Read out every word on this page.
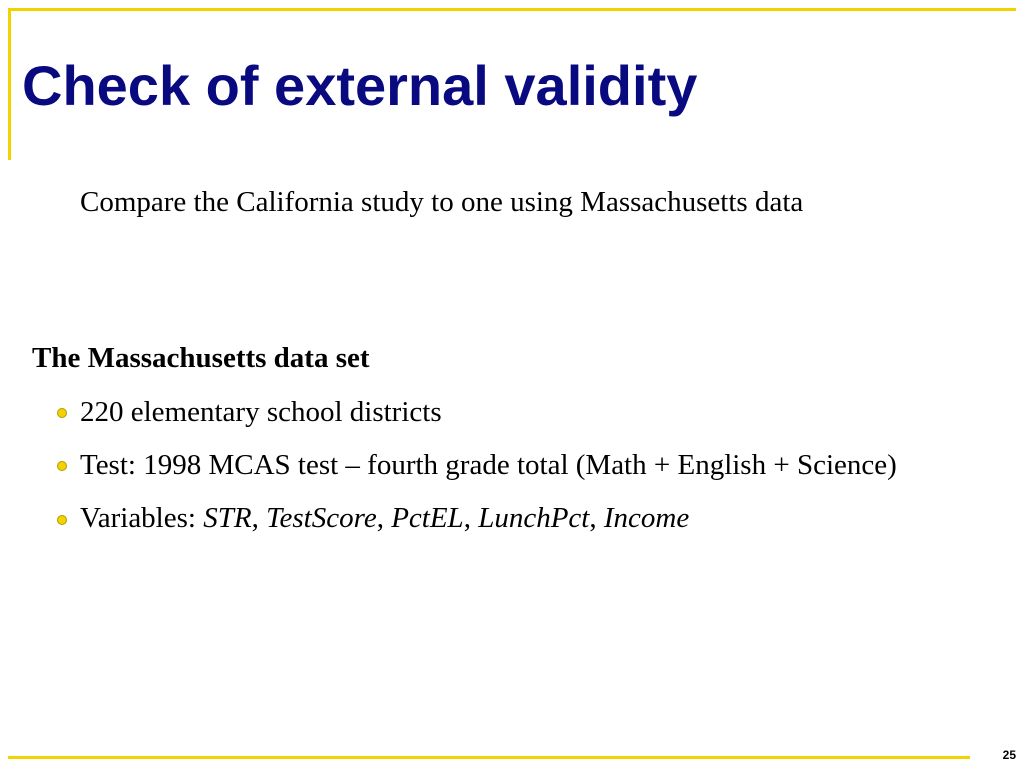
Check of external validity

Compare the California study to one using Massachusetts data

The Massachusetts data set

220 elementary school districts
Test: 1998 MCAS test – fourth grade total (Math + English + Science)
Variables: STR, TestScore, PctEL, LunchPct, Income
25
